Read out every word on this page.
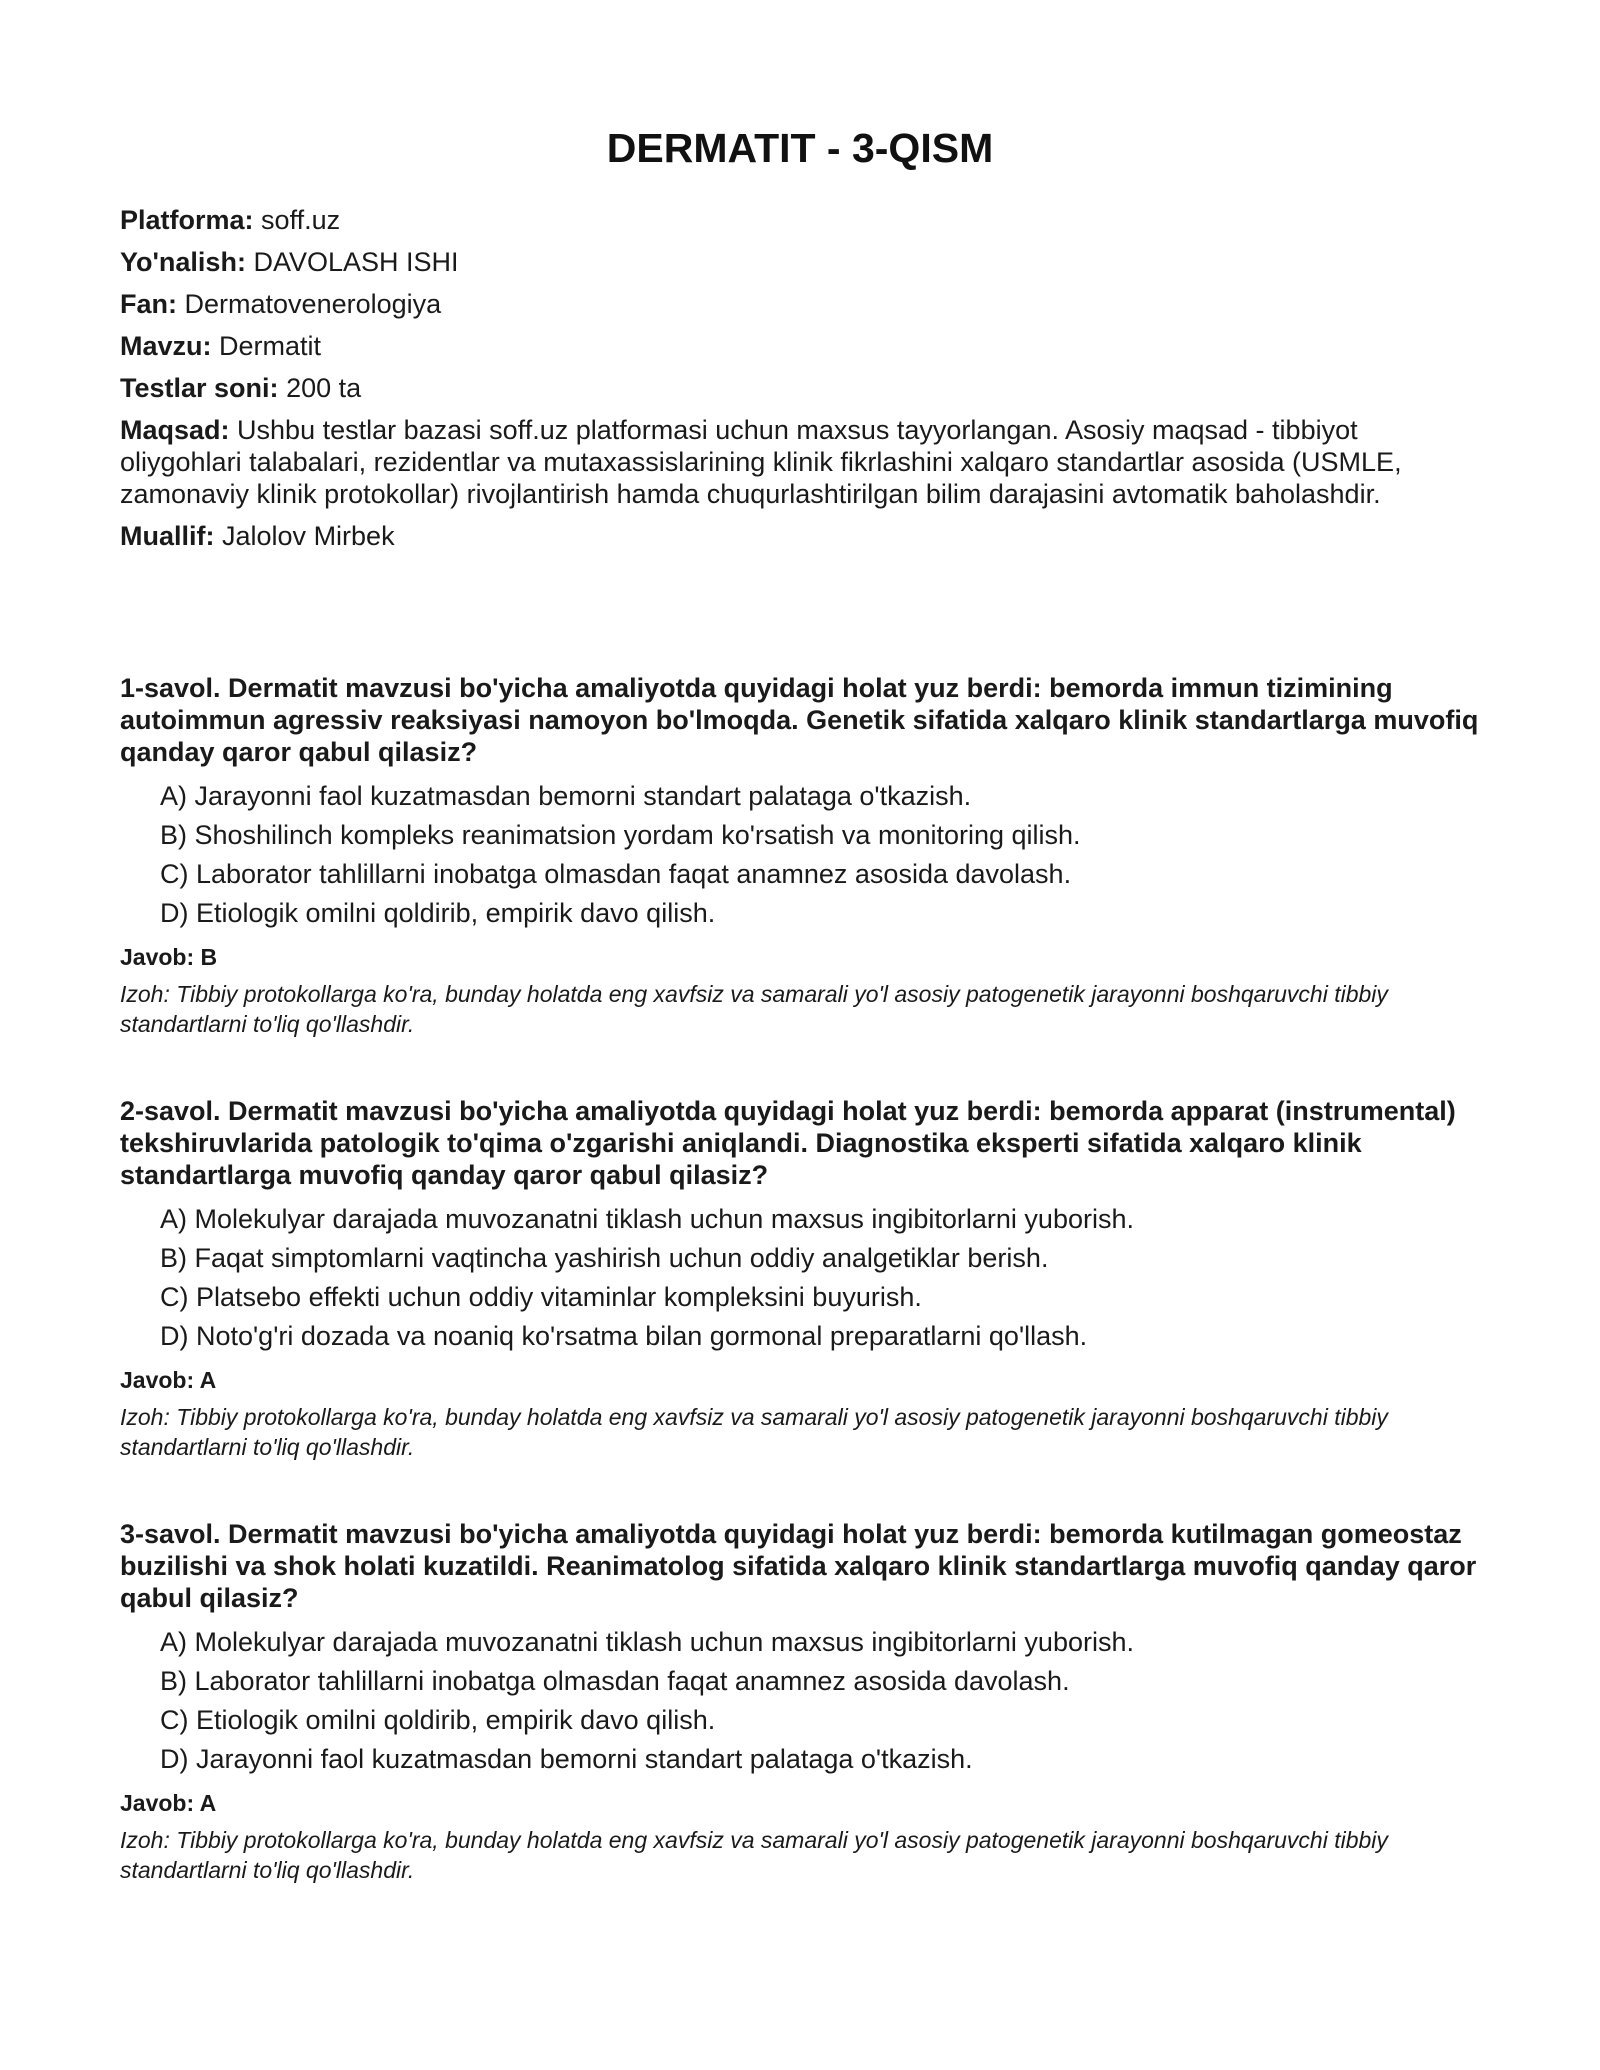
DERMATIT - 3-QISM
Platforma: soff.uz
Yo'nalish: DAVOLASH ISHI
Fan: Dermatovenerologiya
Mavzu: Dermatit
Testlar soni: 200 ta
Maqsad: Ushbu testlar bazasi soff.uz platformasi uchun maxsus tayyorlangan. Asosiy maqsad - tibbiyot oliygohlari talabalari, rezidentlar va mutaxassislarining klinik fikrlashini xalqaro standartlar asosida (USMLE, zamonaviy klinik protokollar) rivojlantirish hamda chuqurlashtirilgan bilim darajasini avtomatik baholashdir.
Muallif: Jalolov Mirbek
1-savol. Dermatit mavzusi bo'yicha amaliyotda quyidagi holat yuz berdi: bemorda immun tizimining autoimmun agressiv reaksiyasi namoyon bo'lmoqda. Genetik sifatida xalqaro klinik standartlarga muvofiq qanday qaror qabul qilasiz?
A) Jarayonni faol kuzatmasdan bemorni standart palataga o'tkazish.
B) Shoshilinch kompleks reanimatsion yordam ko'rsatish va monitoring qilish.
C) Laborator tahlillarni inobatga olmasdan faqat anamnez asosida davolash.
D) Etiologik omilni qoldirib, empirik davo qilish.
Javob: B
Izoh: Tibbiy protokollarga ko'ra, bunday holatda eng xavfsiz va samarali yo'l asosiy patogenetik jarayonni boshqaruvchi tibbiy standartlarni to'liq qo'llashdir.
2-savol. Dermatit mavzusi bo'yicha amaliyotda quyidagi holat yuz berdi: bemorda apparat (instrumental) tekshiruvlarida patologik to'qima o'zgarishi aniqlandi. Diagnostika eksperti sifatida xalqaro klinik standartlarga muvofiq qanday qaror qabul qilasiz?
A) Molekulyar darajada muvozanatni tiklash uchun maxsus ingibitorlarni yuborish.
B) Faqat simptomlarni vaqtincha yashirish uchun oddiy analgetiklar berish.
C) Platsebo effekti uchun oddiy vitaminlar kompleksini buyurish.
D) Noto'g'ri dozada va noaniq ko'rsatma bilan gormonal preparatlarni qo'llash.
Javob: A
Izoh: Tibbiy protokollarga ko'ra, bunday holatda eng xavfsiz va samarali yo'l asosiy patogenetik jarayonni boshqaruvchi tibbiy standartlarni to'liq qo'llashdir.
3-savol. Dermatit mavzusi bo'yicha amaliyotda quyidagi holat yuz berdi: bemorda kutilmagan gomeostaz buzilishi va shok holati kuzatildi. Reanimatolog sifatida xalqaro klinik standartlarga muvofiq qanday qaror qabul qilasiz?
A) Molekulyar darajada muvozanatni tiklash uchun maxsus ingibitorlarni yuborish.
B) Laborator tahlillarni inobatga olmasdan faqat anamnez asosida davolash.
C) Etiologik omilni qoldirib, empirik davo qilish.
D) Jarayonni faol kuzatmasdan bemorni standart palataga o'tkazish.
Javob: A
Izoh: Tibbiy protokollarga ko'ra, bunday holatda eng xavfsiz va samarali yo'l asosiy patogenetik jarayonni boshqaruvchi tibbiy standartlarni to'liq qo'llashdir.
